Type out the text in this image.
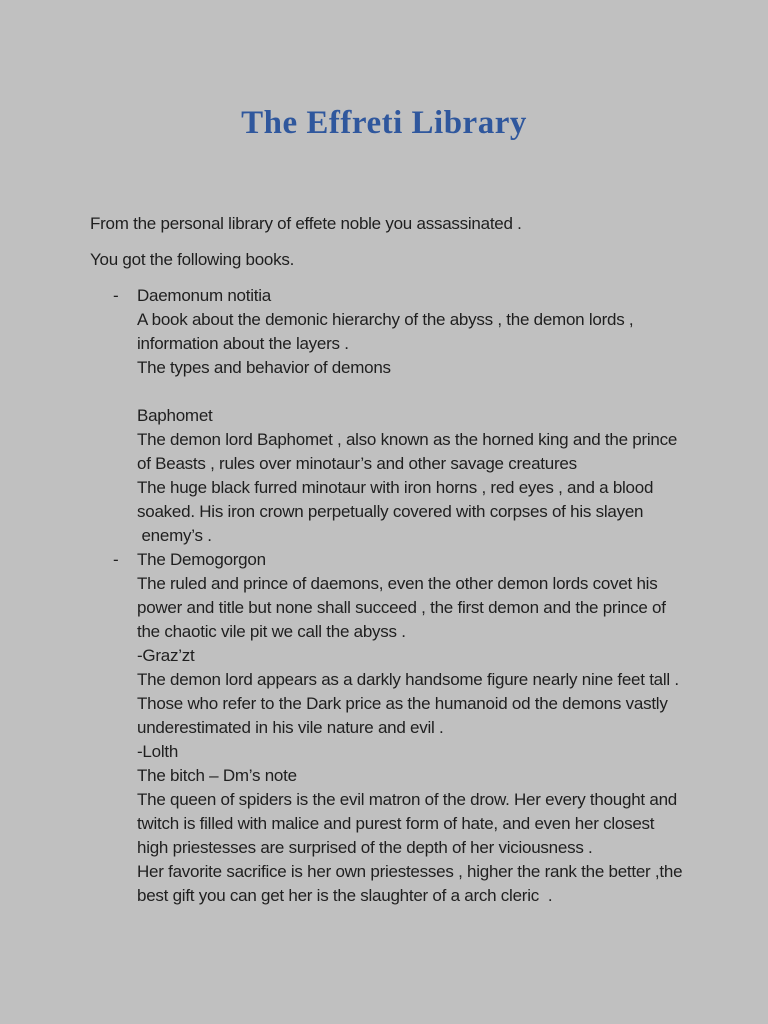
The Effreti Library

From the personal library of effete noble you assassinated .

You got the following books.

- Daemonum notitia
A book about the demonic hierarchy of the abyss , the demon lords ,
information about the layers .
The types and behavior of demons
Baphomet
The demon lord Baphomet , also known as the horned king and the prince
of Beasts , rules over minotaur’s and other savage creatures
The huge black furred minotaur with iron horns , red eyes , and a blood
soaked. His iron crown perpetually covered with corpses of his slayen
enemy’s .
- The Demogorgon
The ruled and prince of daemons, even the other demon lords covet his
power and title but none shall succeed , the first demon and the prince of
the chaotic vile pit we call the abyss .
-Graz’zt
The demon lord appears as a darkly handsome figure nearly nine feet tall .
Those who refer to the Dark price as the humanoid od the demons vastly
underestimated in his vile nature and evil .
-Lolth
The bitch – Dm’s note
The queen of spiders is the evil matron of the drow. Her every thought and
twitch is filled with malice and purest form of hate, and even her closest
high priestesses are surprised of the depth of her viciousness .
Her favorite sacrifice is her own priestesses , higher the rank the better ,the
best gift you can get her is the slaughter of a arch cleric  .
